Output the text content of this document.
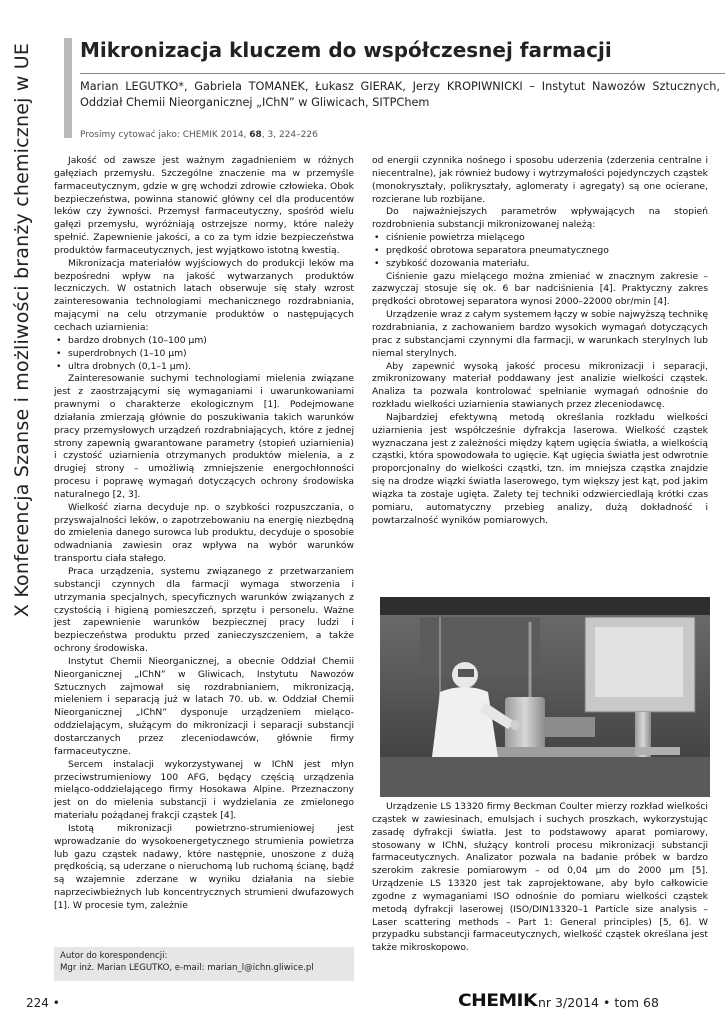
X Konferencja Szanse i możliwości branży chemicznej w UE Mikronizacja kluczem do współczesnej farmacji
Marian LEGUTKO*, Gabriela TOMANEK, Łukasz GIERAK, Jerzy KROPIWNICKI – Instytut Nawozów Sztucznych, Oddział Chemii Nieorganicznej „IChN” w Gliwicach, SITPChem
Prosimy cytować jako: CHEMIK 2014, 68, 3, 224–226

Jakość od zawsze jest ważnym zagadnieniem w różnych gałęziach przemysłu. Szczególne znaczenie ma w przemyśle farmaceutycznym, gdzie w grę wchodzi zdrowie człowieka. Obok bezpieczeństwa, powinna stanowić główny cel dla producentów leków czy żywności. Przemysł farmaceutyczny, spośród wielu gałęzi przemysłu, wyróżniają ostrzejsze normy, które należy spełnić. Zapewnienie jakości, a co za tym idzie bezpieczeństwa produktów farmaceutycznych, jest wyjątkowo istotną kwestią.

Mikronizacja materiałów wyjściowych do produkcji leków ma bezpośredni wpływ na jakość wytwarzanych produktów leczniczych. W ostatnich latach obserwuje się stały wzrost zainteresowania technologiami mechanicznego rozdrabniania, mającymi na celu otrzymanie produktów o następujących cechach uziarnienia:

• bardzo drobnych (10–100 μm)
• superdrobnych (1–10 μm)
• ultra drobnych (0,1–1 μm).

Zainteresowanie suchymi technologiami mielenia związane jest z zaostrzającymi się wymaganiami i uwarunkowaniami prawnymi o charakterze ekologicznym [1]. Podejmowane działania zmierzają głównie do poszukiwania takich warunków pracy przemysłowych urządzeń rozdrabniających, które z jednej strony zapewnią gwarantowane parametry (stopień uziarnienia) i czystość uziarnienia otrzymanych produktów mielenia, a z drugiej strony – umożliwią zmniejszenie energochłonności procesu i poprawę wymagań dotyczących ochrony środowiska naturalnego [2, 3].

Wielkość ziarna decyduje np. o szybkości rozpuszczania, o przyswajalności leków, o zapotrzebowaniu na energię niezbędną do zmielenia danego surowca lub produktu, decyduje o sposobie odwadniania zawiesin oraz wpływa na wybór warunków transportu ciała stałego.

Praca urządzenia, systemu związanego z przetwarzaniem substancji czynnych dla farmacji wymaga stworzenia i utrzymania specjalnych, specyficznych warunków związanych z czystością i higieną pomieszczeń, sprzętu i personelu. Ważne jest zapewnienie warunków bezpiecznej pracy ludzi i bezpieczeństwa produktu przed zanieczyszczeniem, a także ochrony środowiska.

Instytut Chemii Nieorganicznej, a obecnie Oddział Chemii Nieorganicznej „IChN” w Gliwicach, Instytutu Nawozów Sztucznych zajmował się rozdrabnianiem, mikronizacją, mieleniem i separacją już w latach 70. ub. w. Oddział Chemii Nieorganicznej „IChN” dysponuje urządzeniem mieląco-oddzielającym, służącym do mikronizacji i separacji substancji dostarczanych przez zleceniodawców, głównie firmy farmaceutyczne.

Sercem instalacji wykorzystywanej w IChN jest młyn przeciwstrumieniowy 100 AFG, będący częścią urządzenia mieląco-oddzielającego firmy Hosokawa Alpine. Przeznaczony jest on do mielenia substancji i wydzielania ze zmielonego materiału pożądanej frakcji cząstek [4].

Istotą mikronizacji powietrzno-strumieniowej jest wprowadzanie do wysokoenergetycznego strumienia powietrza lub gazu cząstek nadawy, które następnie, unoszone z dużą prędkością, są uderzane o nieruchomą lub ruchomą ścianę, bądź są wzajemnie zderzane w wyniku działania na siebie naprzeciwbieżnych lub koncentrycznych strumieni dwufazowych [1]. W procesie tym, zależnie

Autor do korespondencji:
Mgr inż. Marian LEGUTKO, e-mail: marian_l@ichn.gliwice.pl

od energii czynnika nośnego i sposobu uderzenia (zderzenia centralne i niecentralne), jak również budowy i wytrzymałości pojedynczych cząstek (monokryształy, polikryształy, aglomeraty i agregaty) są one ocierane, rozcierane lub rozbijane.

Do najważniejszych parametrów wpływających na stopień rozdrobnienia substancji mikronizowanej należą:

• ciśnienie powietrza mielącego
• prędkość obrotowa separatora pneumatycznego
• szybkość dozowania materiału.

Ciśnienie gazu mielącego można zmieniać w znacznym zakresie – zazwyczaj stosuje się ok. 6 bar nadciśnienia [4]. Praktyczny zakres prędkości obrotowej separatora wynosi 2000–22000 obr/min [4].

Urządzenie wraz z całym systemem łączy w sobie najwyższą technikę rozdrabniania, z zachowaniem bardzo wysokich wymagań dotyczących prac z substancjami czynnymi dla farmacji, w warunkach sterylnych lub niemal sterylnych.

Aby zapewnić wysoką jakość procesu mikronizacji i separacji, zmikronizowany materiał poddawany jest analizie wielkości cząstek. Analiza ta pozwala kontrolować spełnianie wymagań odnośnie do rozkładu wielkości uziarnienia stawianych przez zleceniodawcę.

Najbardziej efektywną metodą określania rozkładu wielkości uziarnienia jest współcześnie dyfrakcja laserowa. Wielkość cząstek wyznaczana jest z zależności między kątem ugięcia światła, a wielkością cząstki, która spowodowała to ugięcie. Kąt ugięcia światła jest odwrotnie proporcjonalny do wielkości cząstki, tzn. im mniejsza cząstka znajdzie się na drodze wiązki światła laserowego, tym większy jest kąt, pod jakim wiązka ta zostaje ugięta. Zalety tej techniki odzwierciedlają krótki czas pomiaru, automatyczny przebieg analizy, dużą dokładność i powtarzalność wyników pomiarowych.

Urządzenie LS 13320 firmy Beckman Coulter mierzy rozkład wielkości cząstek w zawiesinach, emulsjach i suchych proszkach, wykorzystując zasadę dyfrakcji światła. Jest to podstawowy aparat pomiarowy, stosowany w IChN, służący kontroli procesu mikronizacji substancji farmaceutycznych. Analizator pozwala na badanie próbek w bardzo szerokim zakresie pomiarowym – od 0,04 μm do 2000 μm [5]. Urządzenie LS 13320 jest tak zaprojektowane, aby było całkowicie zgodne z wymaganiami ISO odnośnie do pomiaru wielkości cząstek metodą dyfrakcji laserowej (ISO/DIN13320–1 Particle size analysis – Laser scattering methods – Part 1: General principles) [5, 6]. W przypadku substancji farmaceutycznych, wielkość cząstek określana jest także mikroskopowo.

224 •	CHEMIK nr 3/2014 • tom 68
